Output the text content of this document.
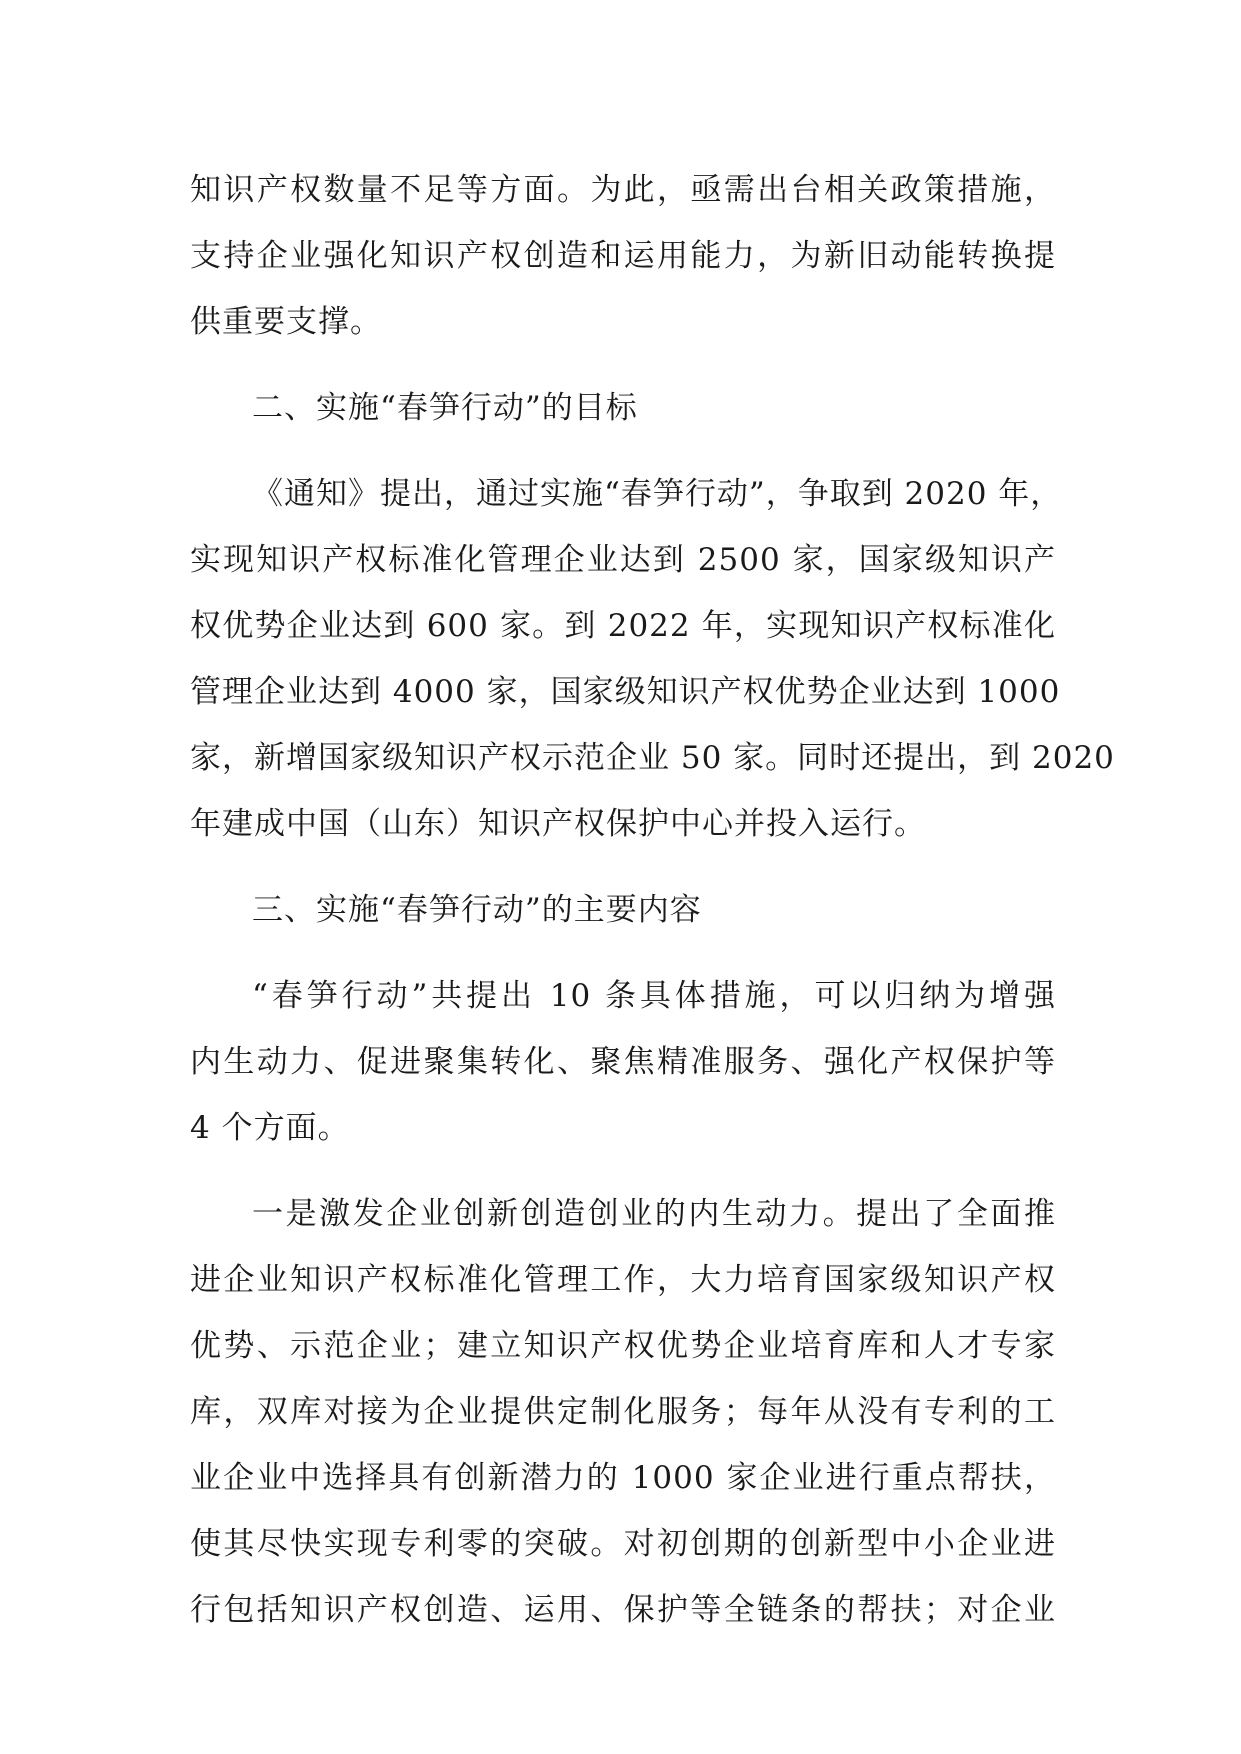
知识产权数量不足等方面。为此，亟需出台相关政策措施，
支持企业强化知识产权创造和运用能力，为新旧动能转换提
供重要支撑。
二、实施“春笋行动”的目标
《通知》提出，通过实施“春笋行动”，争取到 2020 年，
实现知识产权标准化管理企业达到 2500 家，国家级知识产
权优势企业达到 600 家。到 2022 年，实现知识产权标准化
管理企业达到 4000 家，国家级知识产权优势企业达到 1000
家，新增国家级知识产权示范企业 50 家。同时还提出，到 2020
年建成中国（山东）知识产权保护中心并投入运行。
三、实施“春笋行动”的主要内容
“春笋行动”共提出 10 条具体措施，可以归纳为增强
内生动力、促进聚集转化、聚焦精准服务、强化产权保护等
4 个方面。
一是激发企业创新创造创业的内生动力。提出了全面推
进企业知识产权标准化管理工作，大力培育国家级知识产权
优势、示范企业；建立知识产权优势企业培育库和人才专家
库，双库对接为企业提供定制化服务；每年从没有专利的工
业企业中选择具有创新潜力的 1000 家企业进行重点帮扶，
使其尽快实现专利零的突破。对初创期的创新型中小企业进
行包括知识产权创造、运用、保护等全链条的帮扶；对企业
